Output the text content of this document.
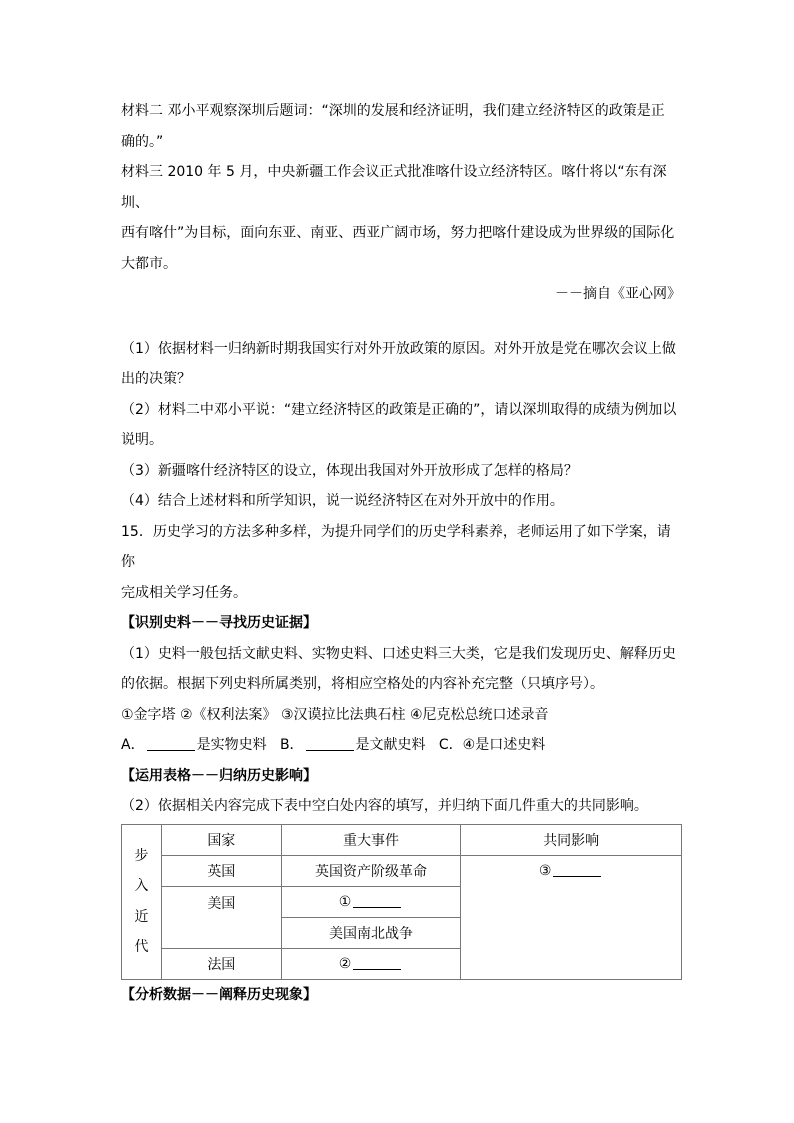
材料二 邓小平观察深圳后题词：“深圳的发展和经济证明，我们建立经济特区的政策是正

确的。”

材料三 2010 年 5 月，中央新疆工作会议正式批准喀什设立经济特区。喀什将以“东有深圳、

西有喀什”为目标，面向东亚、南亚、西亚广阔市场，努力把喀什建设成为世界级的国际化

大都市。

－－摘自《亚心网》

（1）依据材料一归纳新时期我国实行对外开放政策的原因。对外开放是党在哪次会议上做

出的决策？

（2）材料二中邓小平说：“建立经济特区的政策是正确的”，请以深圳取得的成绩为例加以

说明。

（3）新疆喀什经济特区的设立，体现出我国对外开放形成了怎样的格局？

（4）结合上述材料和所学知识，说一说经济特区在对外开放中的作用。

15．历史学习的方法多种多样，为提升同学们的历史学科素养，老师运用了如下学案，请你

完成相关学习任务。

【识别史料－－寻找历史证据】

（1）史料一般包括文献史料、实物史料、口述史料三大类，它是我们发现历史、解释历史

的依据。根据下列史料所属类别，将相应空格处的内容补充完整（只填序号）。

①金字塔 ②《权利法案》 ③汉谟拉比法典石柱 ④尼克松总统口述录音

A．	是实物史料 B．	是文献史料 C．④是口述史料

【运用表格－－归纳历史影响】

（2）依据相关内容完成下表中空白处内容的填写，并归纳下面几件重大的共同影响。

步
入
近
代	国家	重大事件	共同影响
	英国	英国资产阶级革命	③
	美国	①	
		美国南北战争	
	法国	②	

【分析数据－－阐释历史现象】
